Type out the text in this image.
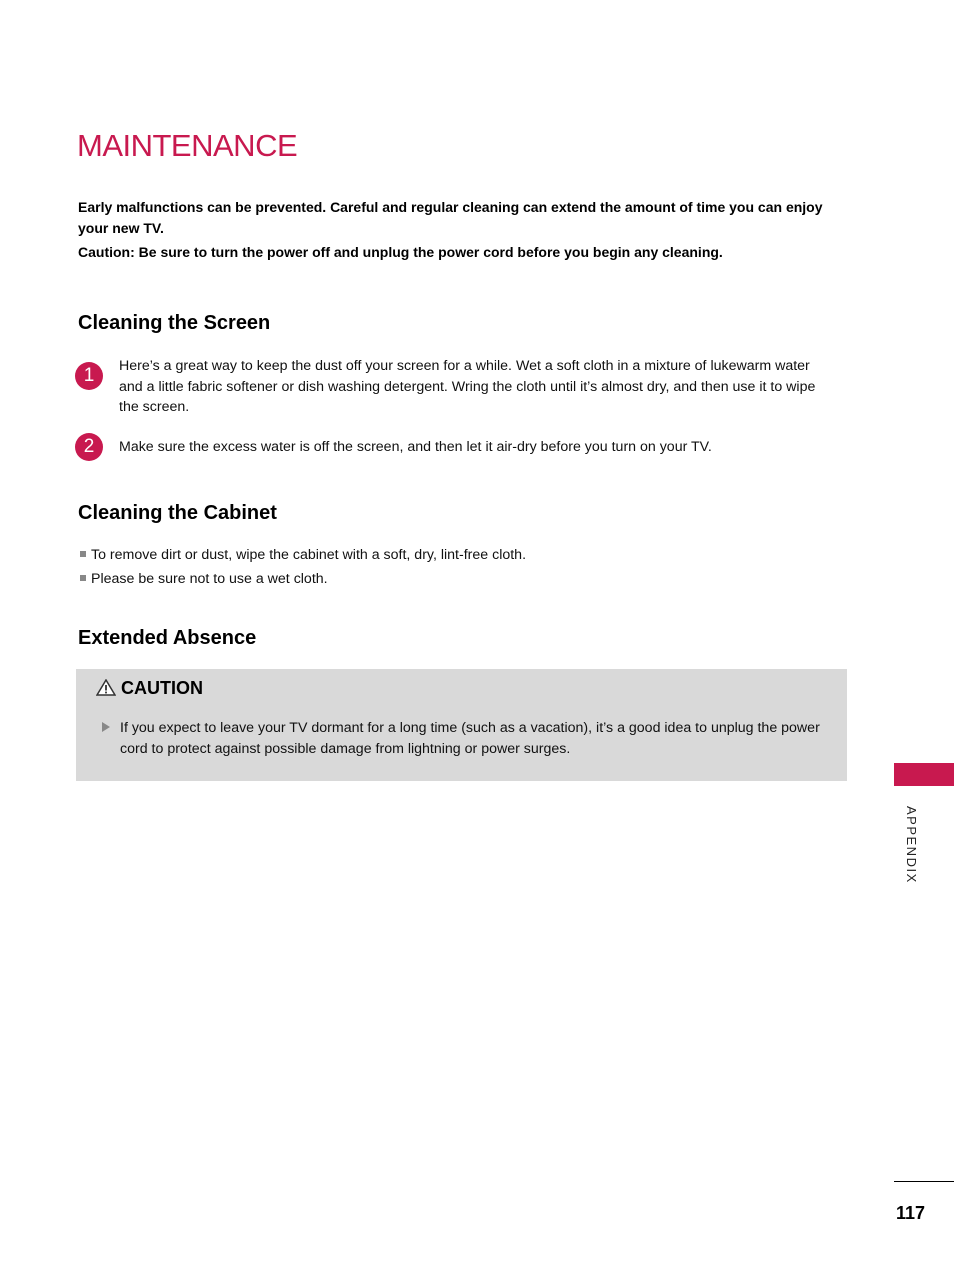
MAINTENANCE

Early malfunctions can be prevented. Careful and regular cleaning can extend the amount of time you can enjoy your new TV.

Caution: Be sure to turn the power off and unplug the power cord before you begin any cleaning.

Cleaning the Screen
1	Here’s a great way to keep the dust off your screen for a while. Wet a soft cloth in a mixture of lukewarm water and a little fabric softener or dish washing detergent. Wring the cloth until it’s almost dry, and then use it to wipe the screen.
2	Make sure the excess water is off the screen, and then let it air-dry before you turn on your TV.
Cleaning the Cabinet
To remove dirt or dust, wipe the cabinet with a soft, dry, lint-free cloth.
Please be sure not to use a wet cloth.
Extended Absence
CAUTION
If you expect to leave your TV dormant for a long time (such as a vacation), it’s a good idea to unplug the power cord to protect against possible damage from lightning or power surges.
APPENDIX
117
